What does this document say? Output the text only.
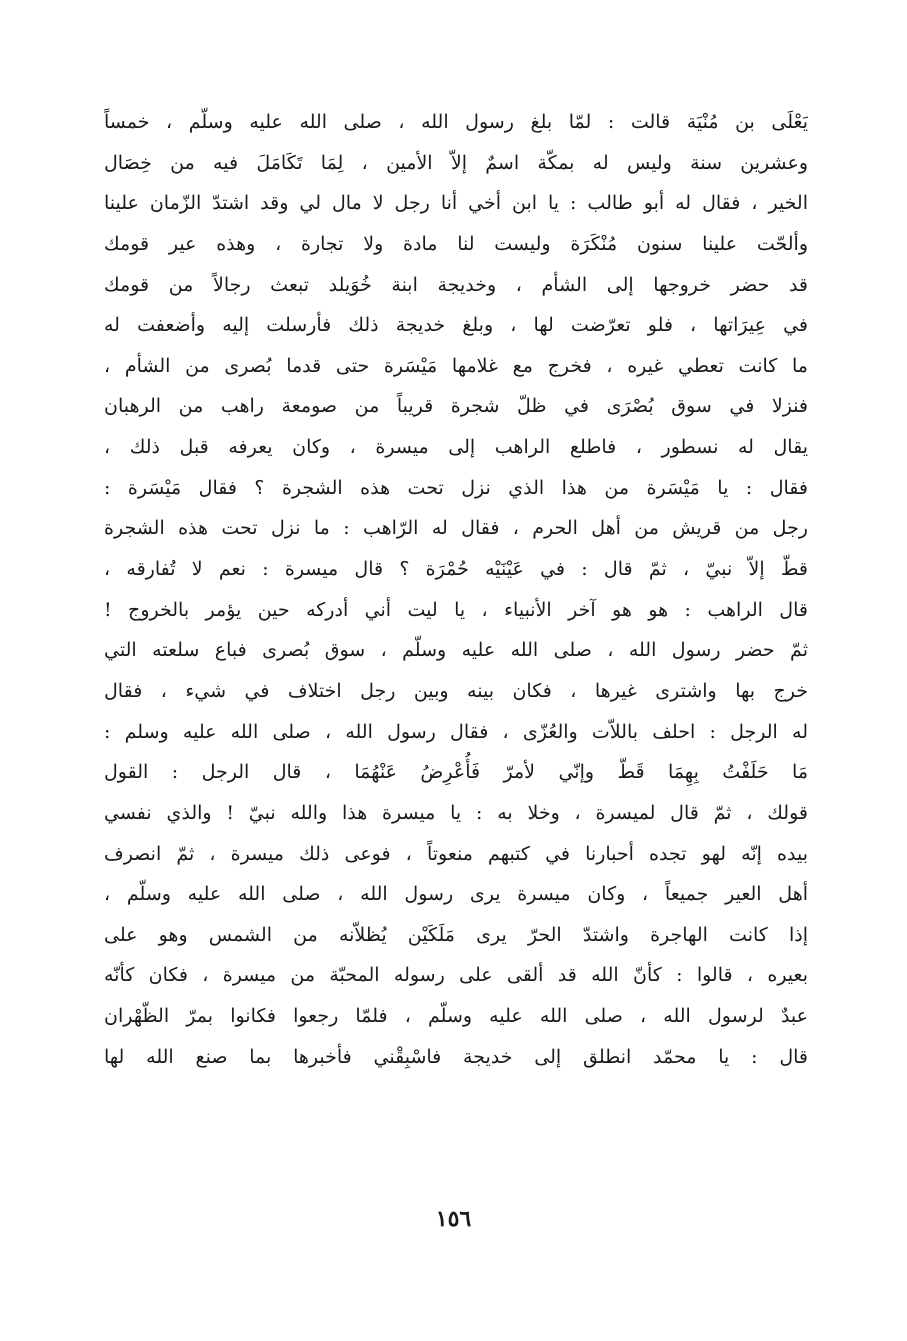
يَعْلَى بن مُنْيَة قالت : لمّا بلغ رسول الله ، صلى الله عليه وسلّم ، خمساً
وعشرين سنة وليس له بمكّة اسمٌ إلاّ الأمين ، لِمَا تَكَامَلَ فيه من خِصَال
الخير ، فقال له أبو طالب : يا ابن أخي أنا رجل لا مال لي وقد اشتدّ الزّمان علينا
وألحّت علينا سنون مُنْكَرَة وليست لنا مادة ولا تجارة ، وهذه عير قومك
قد حضر خروجها إلى الشأم ، وخديجة ابنة خُوَيلد تبعث رجالاً من قومك
في عِيرَاتها ، فلو تعرّضت لها ، وبلغ خديجة ذلك فأرسلت إليه وأضعفت له
ما كانت تعطي غيره ، فخرج مع غلامها مَيْسَرة حتى قدما بُصرى من الشأم ،
فنزلا في سوق بُصْرَى في ظلّ شجرة قريباً من صومعة راهب من الرهبان
يقال له نسطور ، فاطلع الراهب إلى ميسرة ، وكان يعرفه قبل ذلك ،
فقال : يا مَيْسَرة من هذا الذي نزل تحت هذه الشجرة ؟ فقال مَيْسَرة :
رجل من قريش من أهل الحرم ، فقال له الرّاهب : ما نزل تحت هذه الشجرة
قطّ إلاّ نبيّ ، ثمّ قال : في عَيْنَيْه حُمْرَة ؟ قال ميسرة : نعم لا تُفارقه ،
قال الراهب : هو هو آخر الأنبياء ، يا ليت أني أدركه حين يؤمر بالخروج !
ثمّ حضر رسول الله ، صلى الله عليه وسلّم ، سوق بُصرى فباع سلعته التي
خرج بها واشترى غيرها ، فكان بينه وبين رجل اختلاف في شيء ، فقال
له الرجل : احلف باللاّت والعُزّى ، فقال رسول الله ، صلى الله عليه وسلم :
مَا حَلَفْتُ بِهِمَا قَطّ وإنّي لأمرّ فَأُعْرِضُ عَنْهُمَا ، قال الرجل : القول
قولك ، ثمّ قال لميسرة ، وخلا به : يا ميسرة هذا والله نبيّ ! والذي نفسي
بيده إنّه لهو تجده أحبارنا في كتبهم منعوتاً ، فوعى ذلك ميسرة ، ثمّ انصرف
أهل العير جميعاً ، وكان ميسرة يرى رسول الله ، صلى الله عليه وسلّم ،
إذا كانت الهاجرة واشتدّ الحرّ يرى مَلَكَيْن يُظلاّنه من الشمس وهو على
بعيره ، قالوا : كأنّ الله قد ألقى على رسوله المحبّة من ميسرة ، فكان كأنّه
عبدٌ لرسول الله ، صلى الله عليه وسلّم ، فلمّا رجعوا فكانوا بمرّ الظّهْران
قال : يا محمّد انطلق إلى خديجة فاسْبِقْني فأخبرها بما صنع الله لها
١٥٦
